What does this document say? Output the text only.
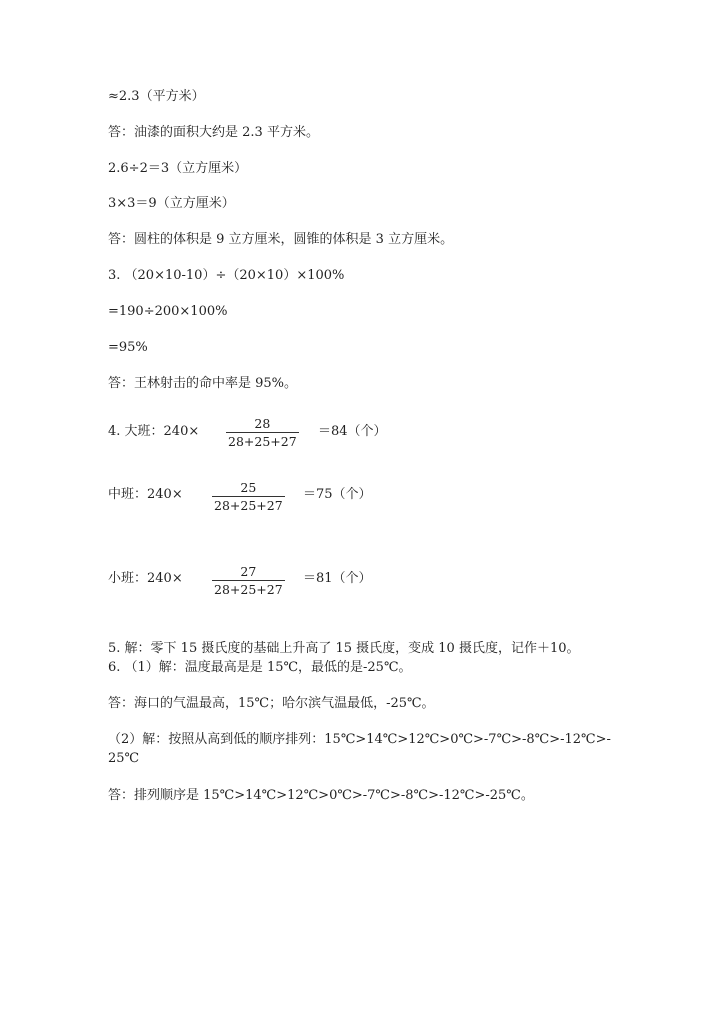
≈2.3（平方米）
答：油漆的面积大约是 2.3 平方米。
2.6÷2＝3（立方厘米）
3×3＝9（立方厘米）
答：圆柱的体积是 9 立方厘米，圆锥的体积是 3 立方厘米。
3. （20×10-10）÷（20×10）×100%
=190÷200×100%
=95%
答：王林射击的命中率是 95%。
4. 大班：$240\times \frac{28}{28+25+27} =84$（个）
中班：$240\times \frac{25}{28+25+27} =75$（个）
小班：$240\times \frac{27}{28+25+27} =81$（个）
5. 解：零下 15 摄氏度的基础上升高了 15 摄氏度，变成 10 摄氏度，记作＋10。
6. （1）解：温度最高是是 15℃，最低的是-25℃。
答：海口的气温最高，15℃；哈尔滨气温最低，-25℃。
（2）解：按照从高到低的顺序排列：15℃>14℃>12℃>0℃>-7℃>-8℃>-12℃>-
25℃
答：排列顺序是 15℃>14℃>12℃>0℃>-7℃>-8℃>-12℃>-25℃。
